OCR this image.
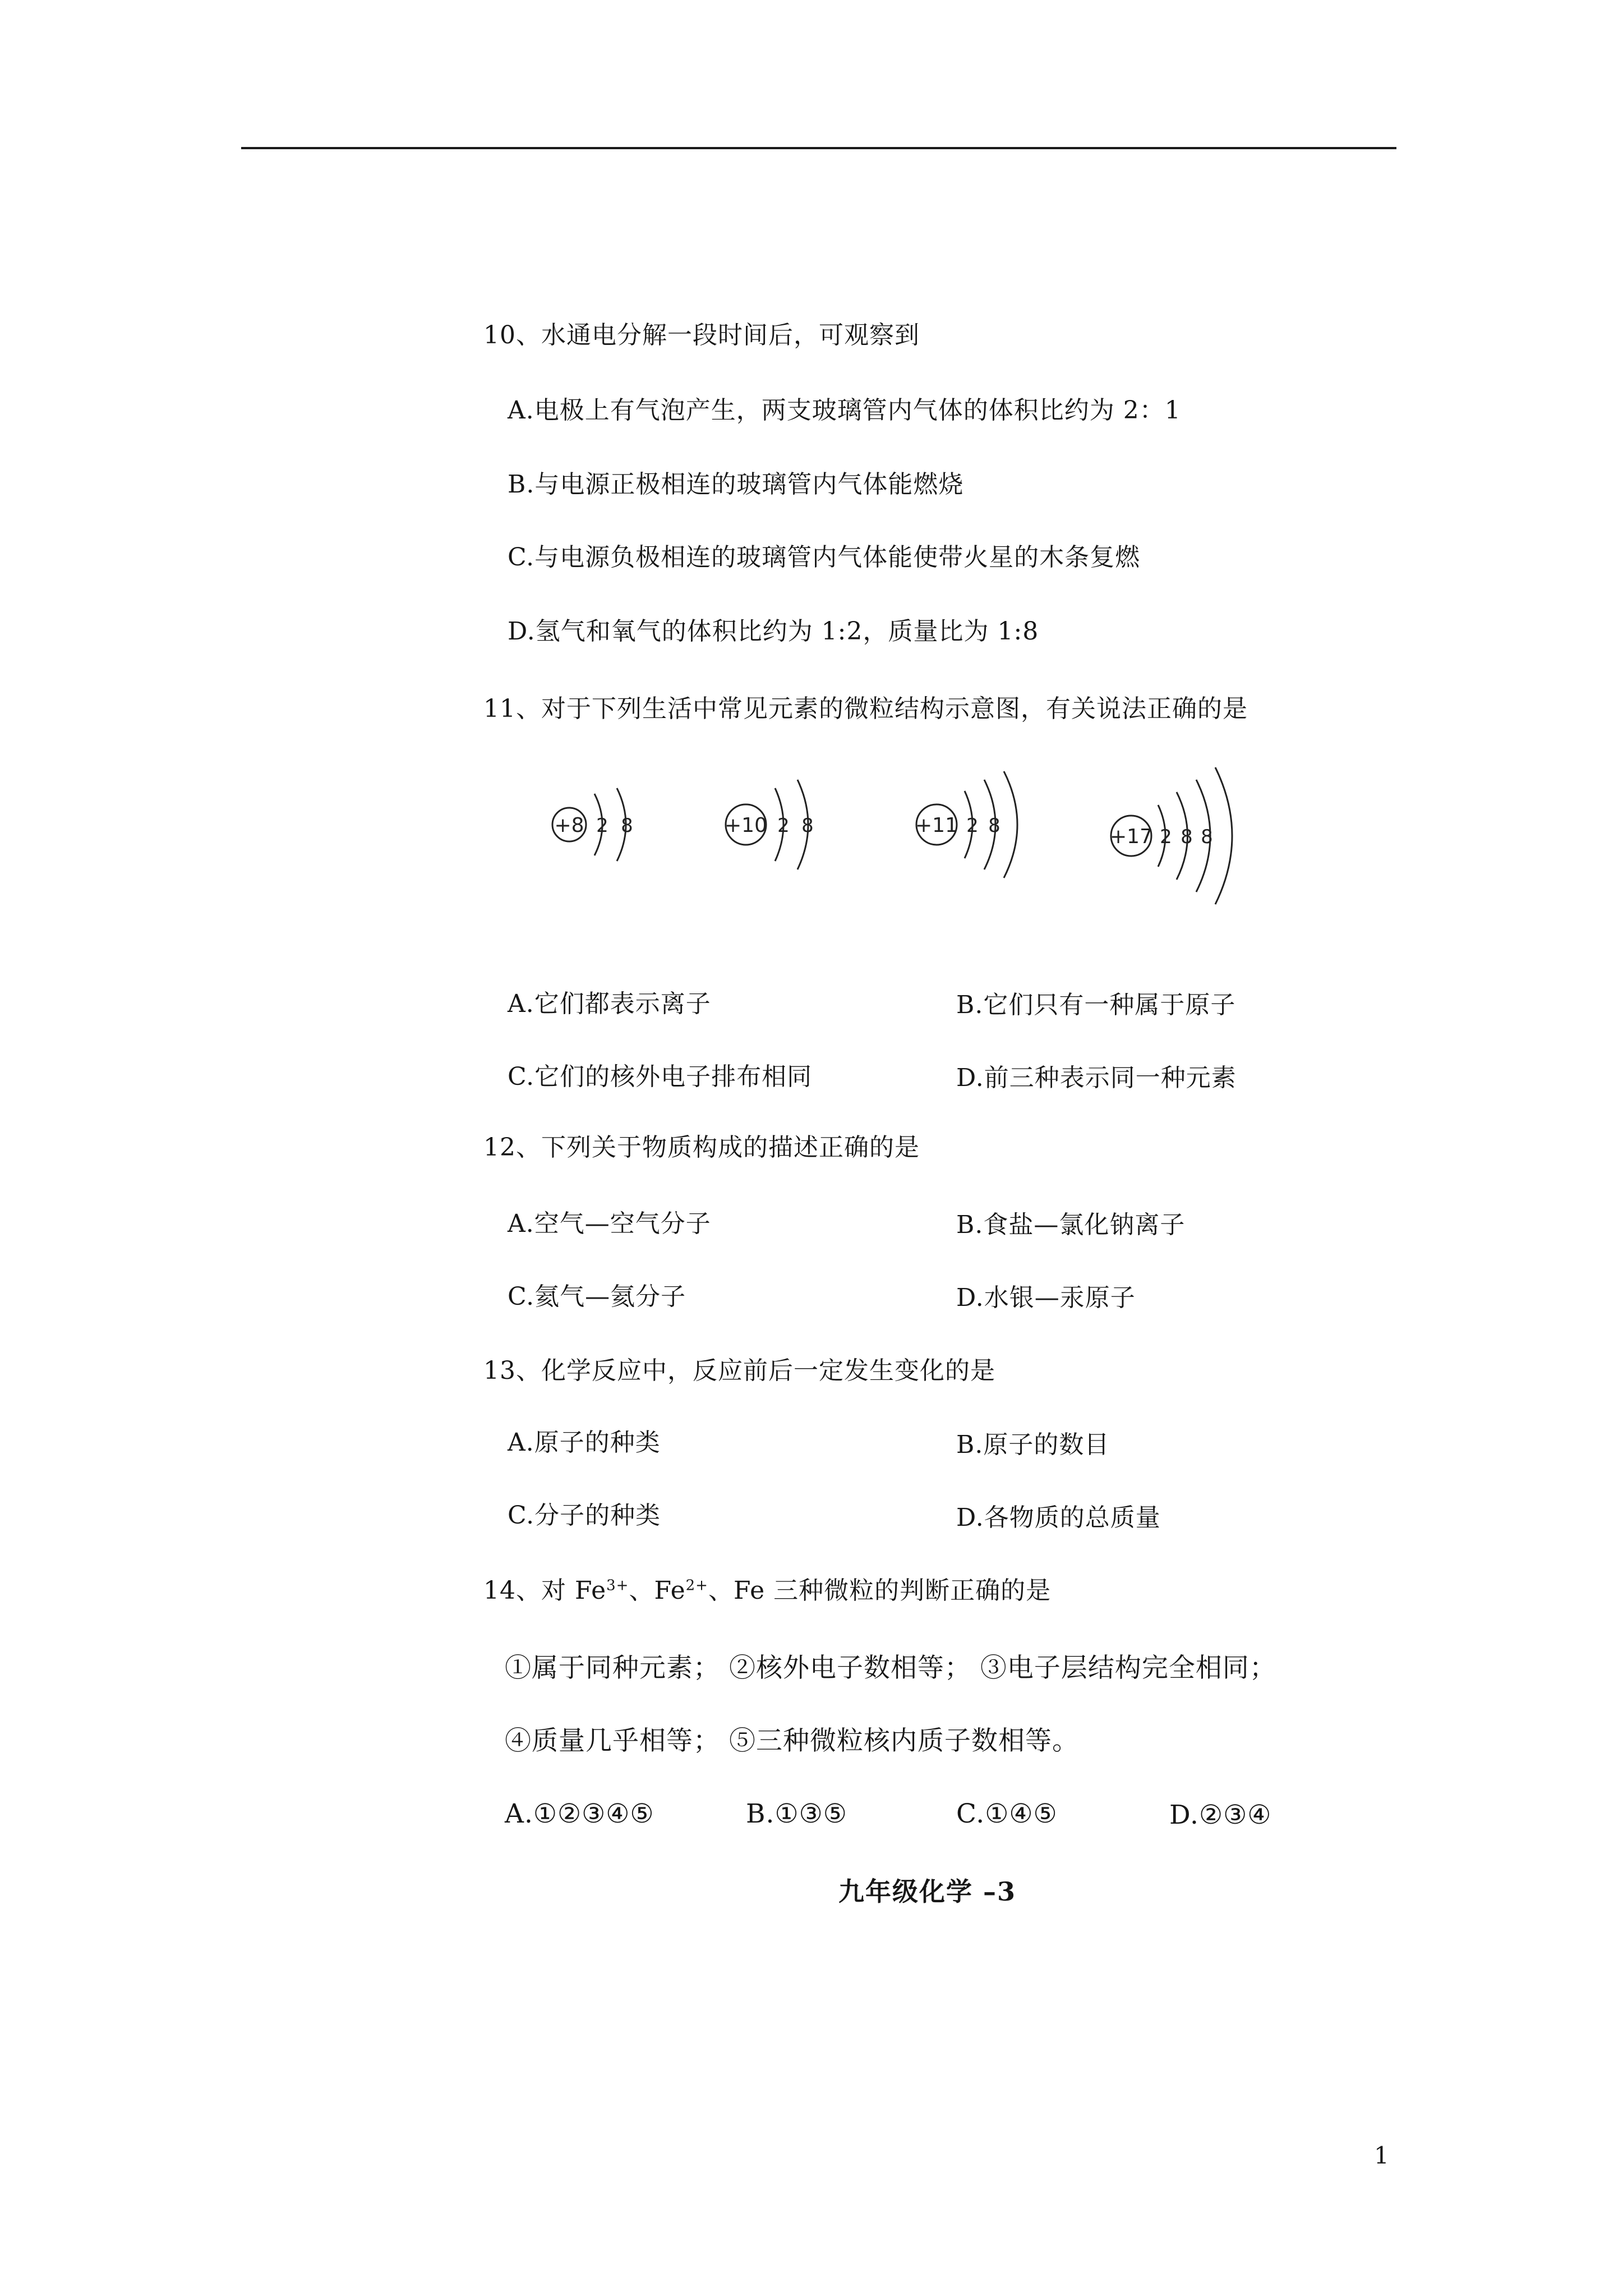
10、水通电分解一段时间后，可观察到
A.电极上有气泡产生，两支玻璃管内气体的体积比约为 2：1
B.与电源正极相连的玻璃管内气体能燃烧
C.与电源负极相连的玻璃管内气体能使带火星的木条复燃
D.氢气和氧气的体积比约为 1:2，质量比为 1:8
11、对于下列生活中常见元素的微粒结构示意图，有关说法正确的是
+8 2 8	+10 2 8	+11 2 8	+17 2 8 8
A.它们都表示离子	B.它们只有一种属于原子
C.它们的核外电子排布相同	D.前三种表示同一种元素
12、下列关于物质构成的描述正确的是
A.空气—空气分子	B.食盐—氯化钠离子
C.氦气—氦分子	D.水银—汞原子
13、化学反应中，反应前后一定发生变化的是
A.原子的种类	B.原子的数目
C.分子的种类	D.各物质的总质量
14、对 $Fe^{3+}$、$Fe^{2+}$、Fe 三种微粒的判断正确的是
①属于同种元素； ②核外电子数相等； ③电子层结构完全相同；
④质量几乎相等； ⑤三种微粒核内质子数相等。
A.①②③④⑤	B.①③⑤	C.①④⑤	D.②③④
九年级化学 –3
1
